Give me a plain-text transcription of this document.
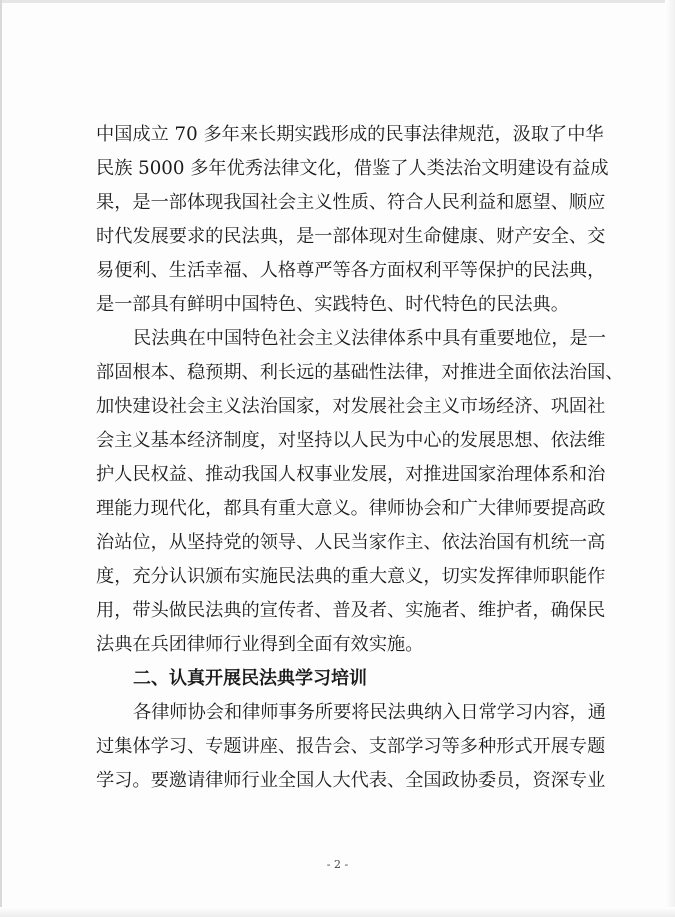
中国成立 70 多年来长期实践形成的民事法律规范，汲取了中华
民族 5000 多年优秀法律文化，借鉴了人类法治文明建设有益成
果，是一部体现我国社会主义性质、符合人民利益和愿望、顺应
时代发展要求的民法典，是一部体现对生命健康、财产安全、交
易便利、生活幸福、人格尊严等各方面权利平等保护的民法典，
是一部具有鲜明中国特色、实践特色、时代特色的民法典。
民法典在中国特色社会主义法律体系中具有重要地位，是一
部固根本、稳预期、利长远的基础性法律，对推进全面依法治国、
加快建设社会主义法治国家，对发展社会主义市场经济、巩固社
会主义基本经济制度，对坚持以人民为中心的发展思想、依法维
护人民权益、推动我国人权事业发展，对推进国家治理体系和治
理能力现代化，都具有重大意义。律师协会和广大律师要提高政
治站位，从坚持党的领导、人民当家作主、依法治国有机统一高
度，充分认识颁布实施民法典的重大意义，切实发挥律师职能作
用，带头做民法典的宣传者、普及者、实施者、维护者，确保民
法典在兵团律师行业得到全面有效实施。
二、认真开展民法典学习培训
各律师协会和律师事务所要将民法典纳入日常学习内容，通
过集体学习、专题讲座、报告会、支部学习等多种形式开展专题
学习。要邀请律师行业全国人大代表、全国政协委员，资深专业
- 2 -
